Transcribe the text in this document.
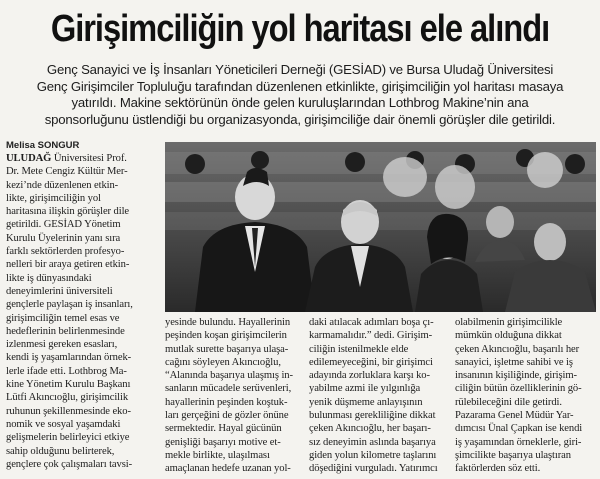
Girişimciliğin yol haritası ele alındı
Genç Sanayici ve İş İnsanları Yöneticileri Derneği (GESİAD) ve Bursa Uludağ Üniversitesi
Genç Girişimciler Topluluğu tarafından düzenlenen etkinlikte, girişimciliğin yol haritası masaya
yatırıldı. Makine sektörünün önde gelen kuruluşlarından Lothbrog Makine’nin ana
sponsorluğunu üstlendiği bu organizasyonda, girişimciliğe dair önemli görüşler dile getirildi.
Melisa SONGUR
ULUDAĞ Üniversitesi Prof.
Dr. Mete Cengiz Kültür Mer-
kezi’nde düzenlenen etkin-
likte, girişimciliğin yol
haritasına ilişkin görüşler dile
getirildi. GESİAD Yönetim
Kurulu Üyelerinin yanı sıra
farklı sektörlerden profesyo-
nelleri bir araya getiren etkin-
likte iş dünyasındaki
deneyimlerini üniversiteli
gençlerle paylaşan iş insanları,
girişimciliğin temel esas ve
hedeflerinin belirlenmesinde
izlenmesi gereken esasları,
kendi iş yaşamlarından örnek-
lerle ifade etti. Lothbrog Ma-
kine Yönetim Kurulu Başkanı
Lütfi Akıncıoğlu, girişimcilik
ruhunun şekillenmesinde eko-
nomik ve sosyal yaşamdaki
gelişmelerin belirleyici etkiye
sahip olduğunu belirterek,
gençlere çok çalışmaları tavsi-
yesinde bulundu. Hayallerinin
peşinden koşan girişimcilerin
mutlak surette başarıya ulaşa-
cağını söyleyen Akıncıoğlu,
“Alanında başarıya ulaşmış in-
sanların mücadele serüvenleri,
hayallerinin peşinden koştuk-
ları gerçeğini de gözler önüne
sermektedir. Hayal gücünün
genişliği başarıyı motive et-
mekle birlikte, ulaşılması
amaçlanan hedefe uzanan yol-
daki atılacak adımları boşa çı-
karmamalıdır.” dedi. Girişim-
ciliğin istenilmekle elde
edilemeyeceğini, bir girişimci
adayında zorluklara karşı ko-
yabilme azmi ile yılgınlığa
yenik düşmeme anlayışının
bulunması gerekliliğine dikkat
çeken Akıncıoğlu, her başarı-
sız deneyimin aslında başarıya
giden yolun kilometre taşlarını
döşediğini vurguladı. Yatırımcı
olabilmenin girişimcilikle
mümkün olduğuna dikkat
çeken Akıncıoğlu, başarılı her
sanayici, işletme sahibi ve iş
insanının kişiliğinde, girişim-
ciliğin bütün özelliklerinin gö-
rülebileceğini dile getirdi.
Pazarama Genel Müdür Yar-
dımcısı Ünal Çapkan ise kendi
iş yaşamından örneklerle, giri-
şimcilikte başarıya ulaştıran
faktörlerden söz etti.
